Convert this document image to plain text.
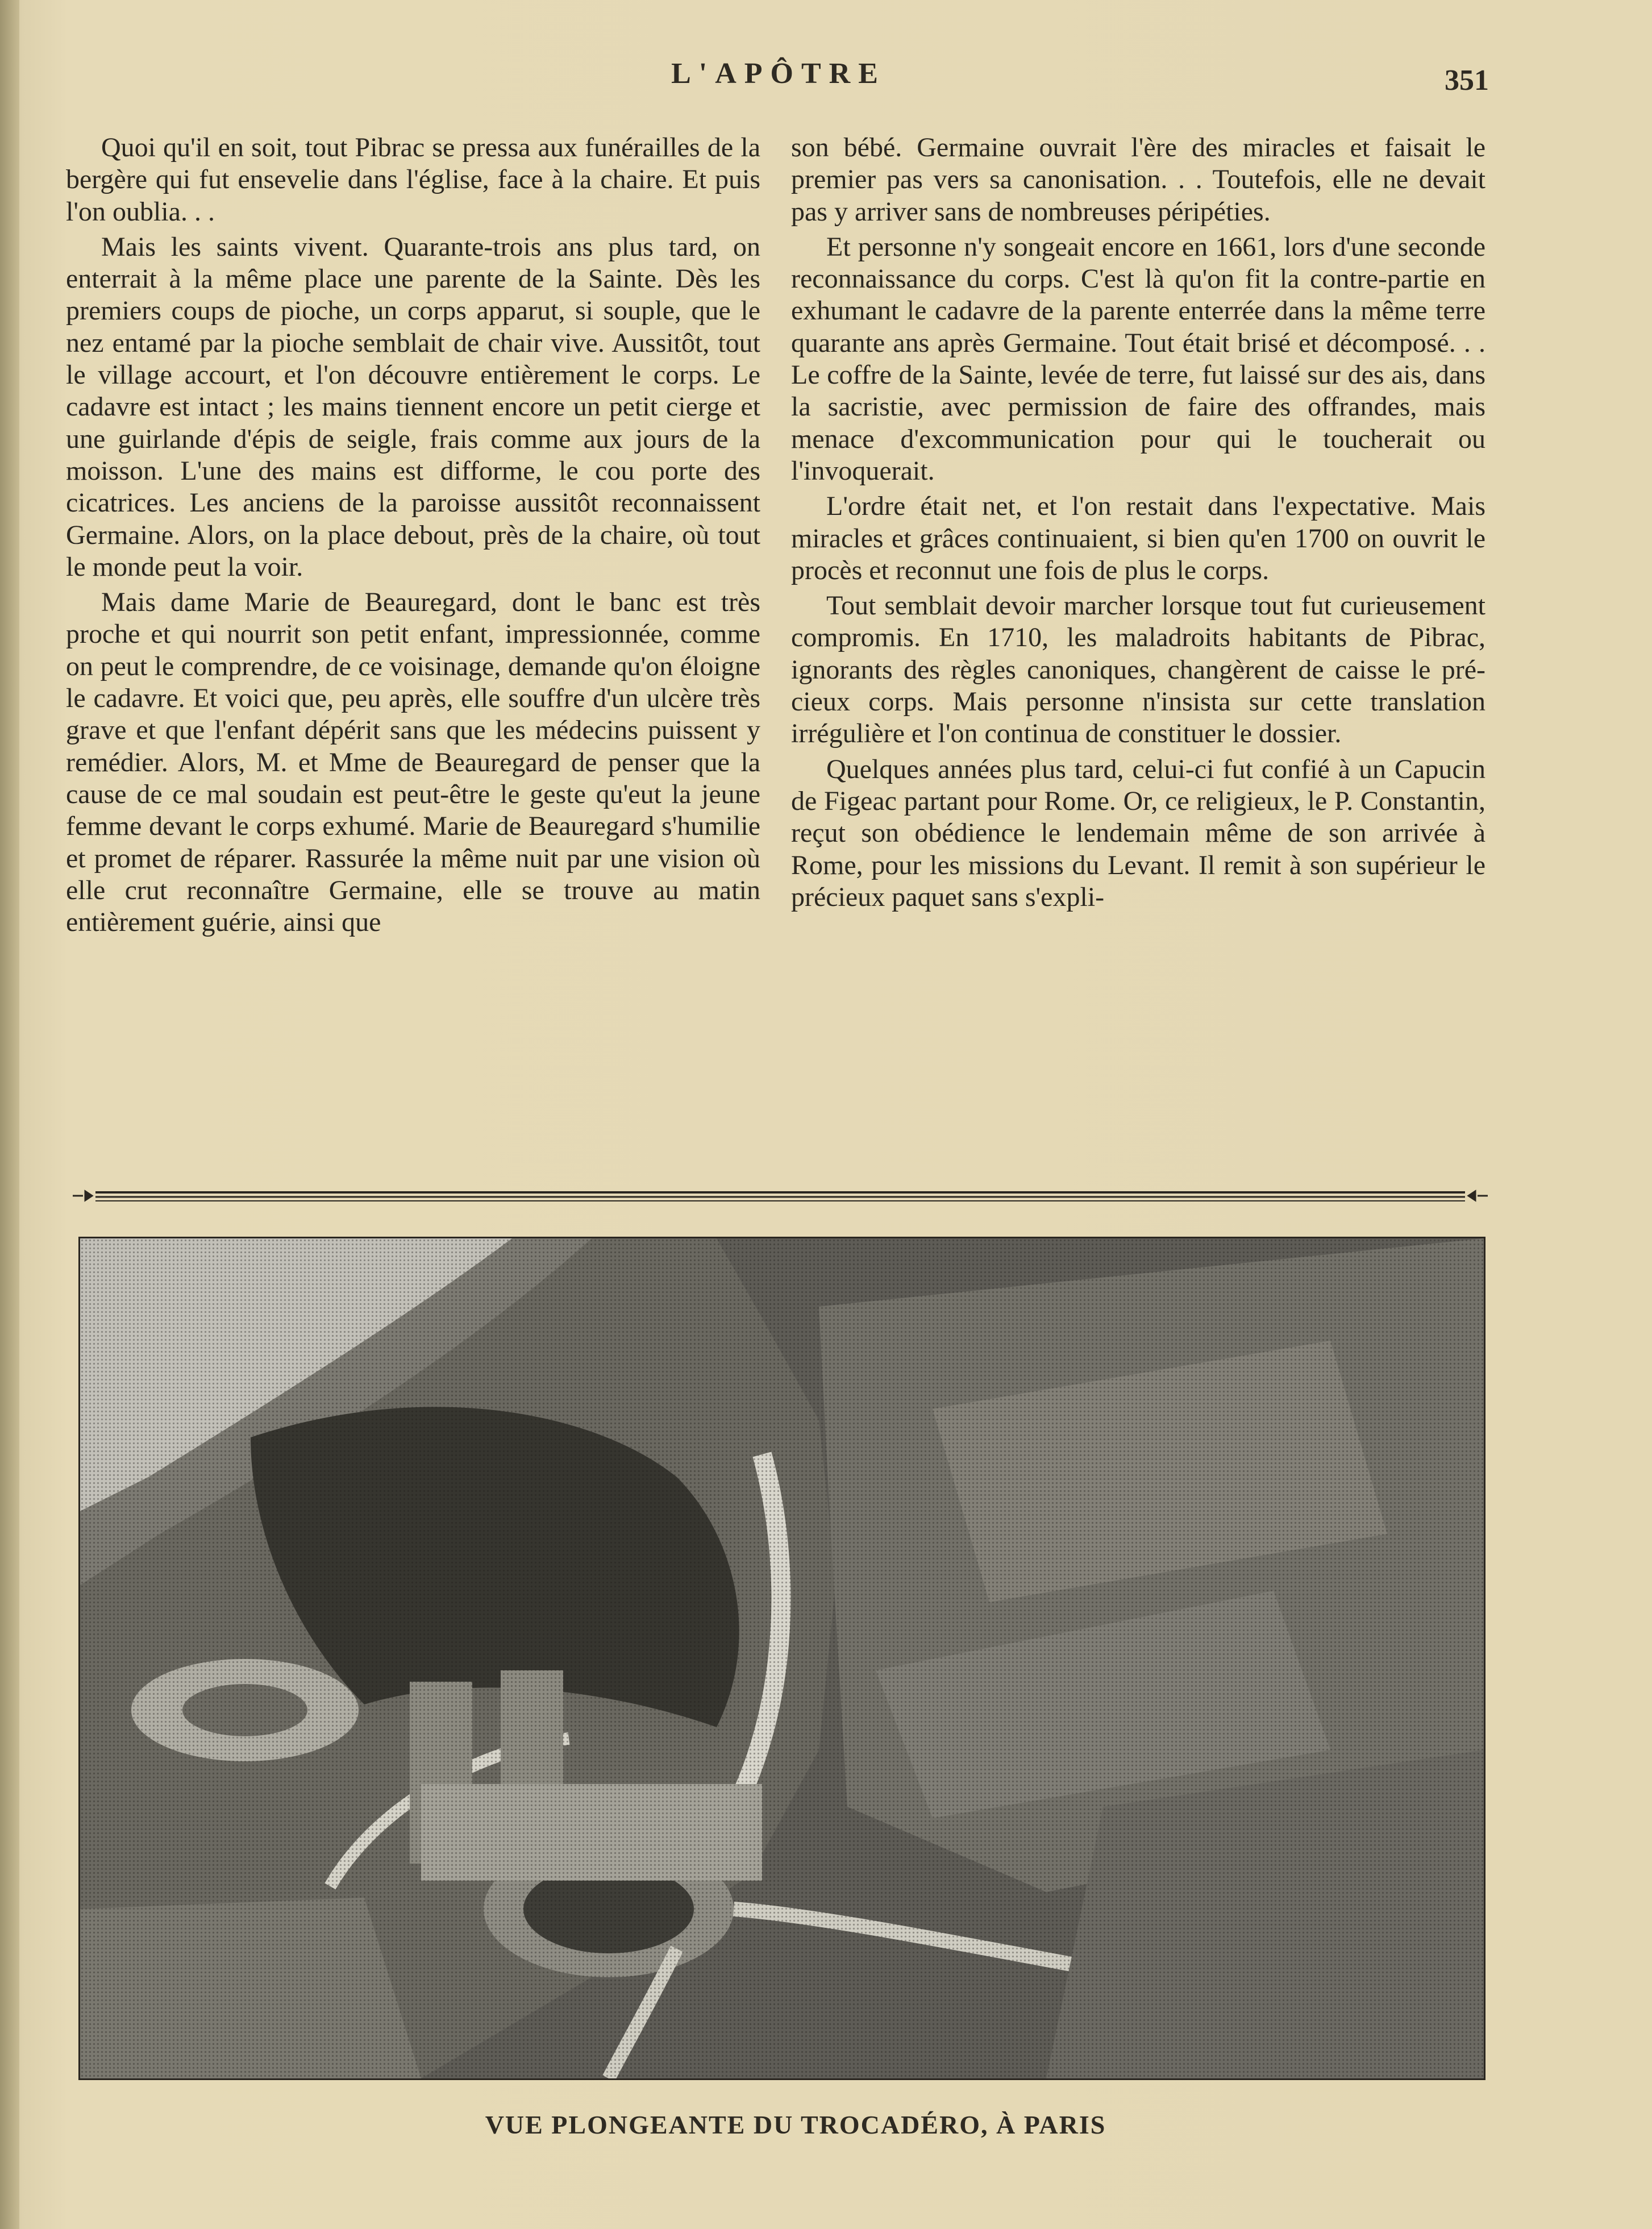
L'APÔTRE	351

Quoi qu'il en soit, tout Pibrac se pressa aux funérailles de la bergère qui fut ensevelie dans l'église, face à la chaire. Et puis l'on oublia. . .

Mais les saints vivent. Quarante-trois ans plus tard, on enterrait à la même place une parente de la Sainte. Dès les premiers coups de pioche, un corps apparut, si souple, que le nez entamé par la pioche semblait de chair vive. Aussitôt, tout le village accourt, et l'on découvre entièrement le corps. Le cadavre est intact ; les mains tiennent encore un petit cierge et une guirlande d'épis de seigle, frais comme aux jours de la moisson. L'une des mains est difforme, le cou porte des cicatrices. Les anciens de la paroisse aussitôt reconnaissent Germaine. Alors, on la place debout, près de la chaire, où tout le monde peut la voir.

Mais dame Marie de Beauregard, dont le banc est très proche et qui nourrit son petit enfant, impressionnée, comme on peut le comprendre, de ce voisinage, demande qu'on éloigne le cadavre. Et voici que, peu après, elle souffre d'un ulcère très grave et que l'enfant dépérit sans que les médecins puissent y remédier. Alors, M. et Mme de Beauregard de penser que la cause de ce mal soudain est peut-être le geste qu'eut la jeune femme devant le corps exhumé. Marie de Beauregard s'humilie et promet de réparer. Rassurée la même nuit par une vision où elle crut reconnaître Germaine, elle se trouve au matin entièrement guérie, ainsi que

son bébé. Germaine ouvrait l'ère des miracles et faisait le premier pas vers sa canonisation. . . Toutefois, elle ne devait pas y arriver sans de nombreuses péripéties.

Et personne n'y songeait encore en 1661, lors d'une seconde reconnaissance du corps. C'est là qu'on fit la contre-partie en exhumant le cadavre de la parente enterrée dans la même terre quarante ans après Germaine. Tout était brisé et décomposé. . . Le coffre de la Sainte, levée de terre, fut laissé sur des ais, dans la sacristie, avec permission de faire des offrandes, mais menace d'excommunication pour qui le toucherait ou l'invoquerait.

L'ordre était net, et l'on restait dans l'expectative. Mais miracles et grâces continuaient, si bien qu'en 1700 on ouvrit le procès et reconnut une fois de plus le corps.

Tout semblait devoir marcher lorsque tout fut curieusement compromis. En 1710, les maladroits habitants de Pibrac, ignorants des règles canoniques, changèrent de caisse le précieux corps. Mais personne n'insista sur cette translation irrégulière et l'on continua de constituer le dossier.

Quelques années plus tard, celui-ci fut confié à un Capucin de Figeac partant pour Rome. Or, ce religieux, le P. Constantin, reçut son obédience le lendemain même de son arrivée à Rome, pour les missions du Levant. Il remit à son supérieur le précieux paquet sans s'expli-

VUE PLONGEANTE DU TROCADÉRO, À PARIS
